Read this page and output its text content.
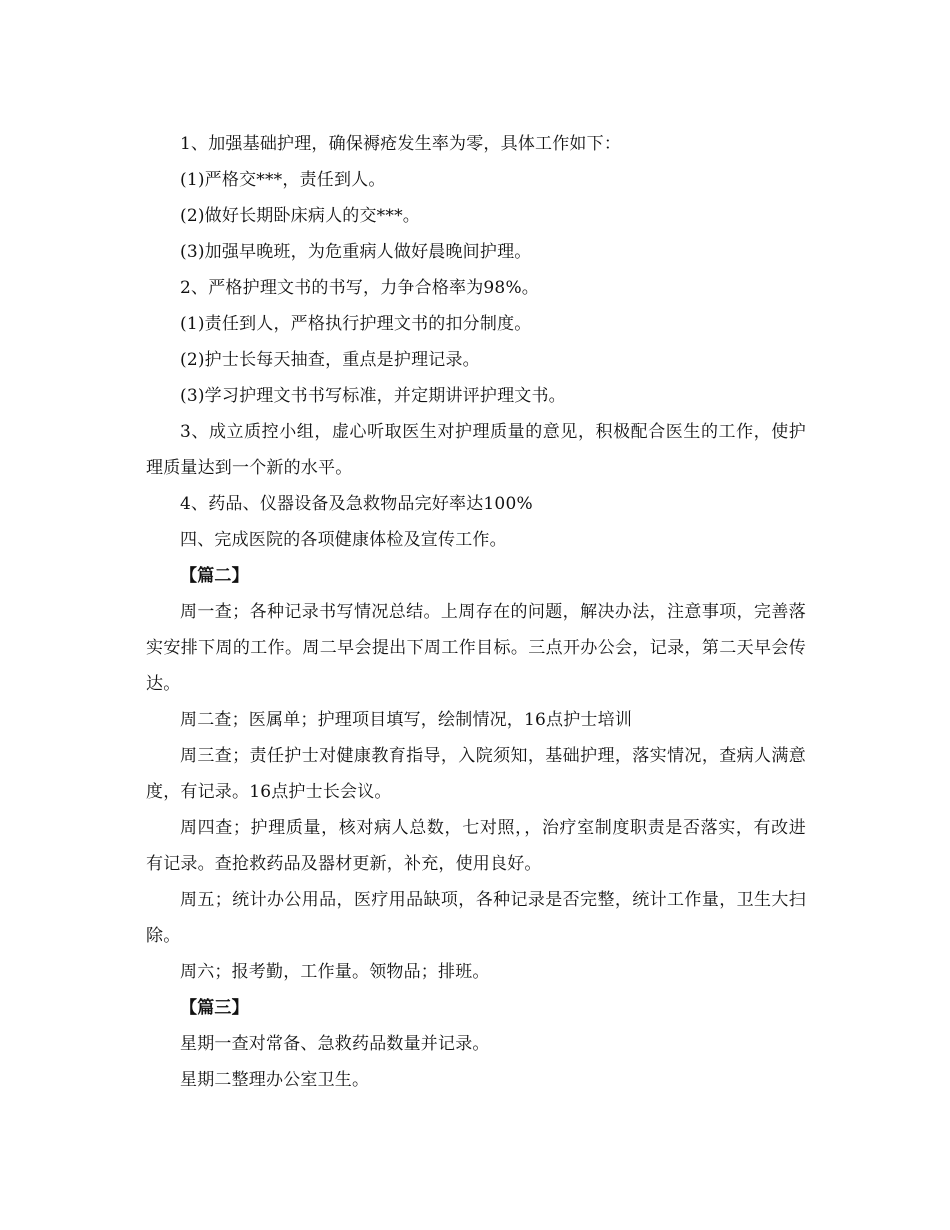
1、加强基础护理，确保褥疮发生率为零，具体工作如下：

(1)严格交***，责任到人。

(2)做好长期卧床病人的交***。

(3)加强早晚班，为危重病人做好晨晚间护理。

2、严格护理文书的书写，力争合格率为98%。

(1)责任到人，严格执行护理文书的扣分制度。

(2)护士长每天抽查，重点是护理记录。

(3)学习护理文书书写标准，并定期讲评护理文书。

3、成立质控小组，虚心听取医生对护理质量的意见，积极配合医生的工作，使护理质量达到一个新的水平。

4、药品、仪器设备及急救物品完好率达100%

四、完成医院的各项健康体检及宣传工作。

【篇二】

周一查；各种记录书写情况总结。上周存在的问题，解决办法，注意事项，完善落实安排下周的工作。周二早会提出下周工作目标。三点开办公会，记录，第二天早会传达。

周二查；医属单；护理项目填写，绘制情况，16点护士培训

周三查；责任护士对健康教育指导，入院须知，基础护理，落实情况，查病人满意度，有记录。16点护士长会议。

周四查；护理质量，核对病人总数，七对照，，治疗室制度职责是否落实，有改进有记录。查抢救药品及器材更新，补充，使用良好。

周五；统计办公用品，医疗用品缺项，各种记录是否完整，统计工作量，卫生大扫除。

周六；报考勤，工作量。领物品；排班。

【篇三】

星期一查对常备、急救药品数量并记录。

星期二整理办公室卫生。
